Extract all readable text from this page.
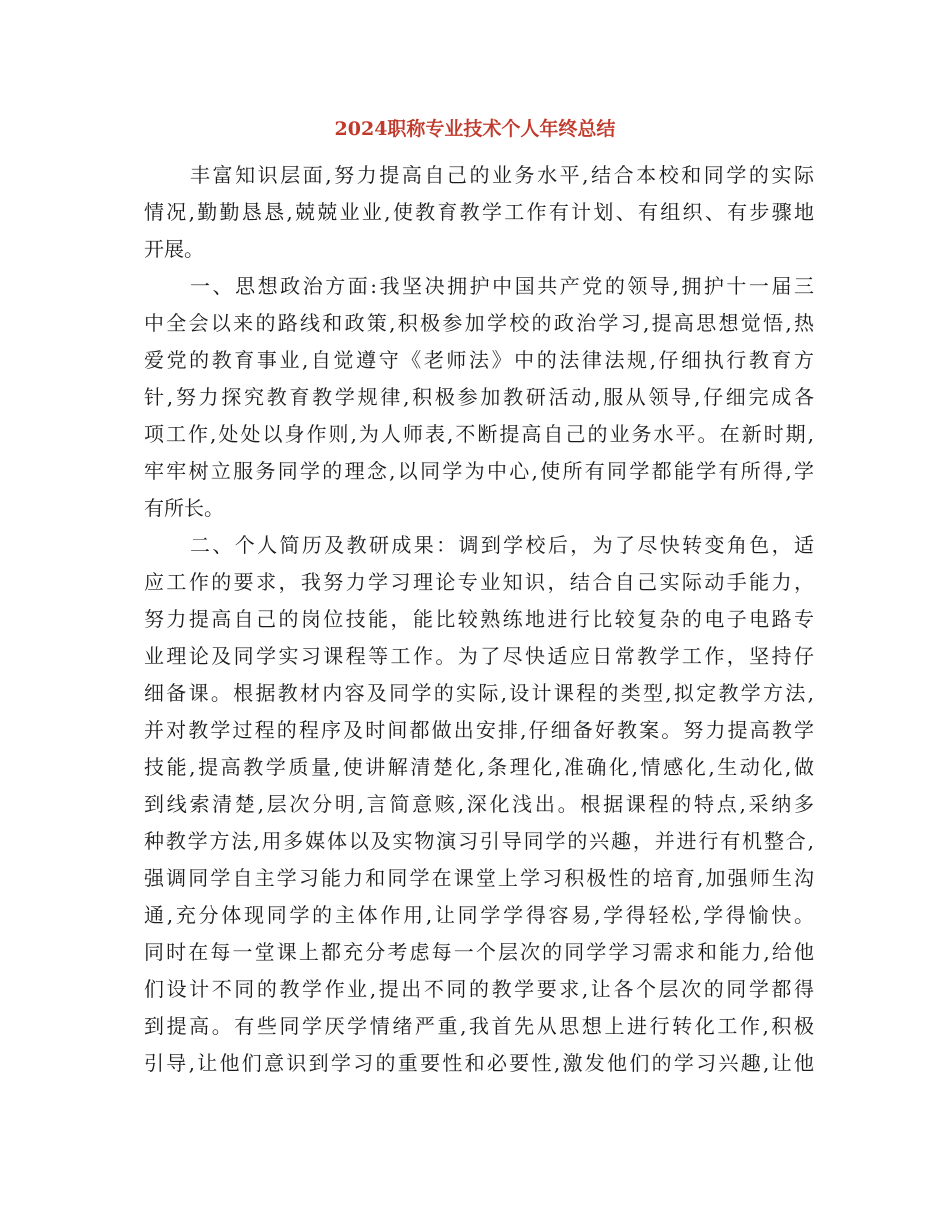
2024职称专业技术个人年终总结
丰富知识层面,努力提高自己的业务水平,结合本校和同学的实际
情况,勤勤恳恳,兢兢业业,使教育教学工作有计划、有组织、有步骤地
开展。
一、思想政治方面:我坚决拥护中国共产党的领导,拥护十一届三
中全会以来的路线和政策,积极参加学校的政治学习,提高思想觉悟,热
爱党的教育事业,自觉遵守《老师法》中的法律法规,仔细执行教育方
针,努力探究教育教学规律,积极参加教研活动,服从领导,仔细完成各
项工作,处处以身作则,为人师表,不断提高自己的业务水平。在新时期,
牢牢树立服务同学的理念,以同学为中心,使所有同学都能学有所得,学
有所长。
二、个人简历及教研成果：调到学校后，为了尽快转变角色，适
应工作的要求，我努力学习理论专业知识，结合自己实际动手能力，
努力提高自己的岗位技能，能比较熟练地进行比较复杂的电子电路专
业理论及同学实习课程等工作。为了尽快适应日常教学工作，坚持仔
细备课。根据教材内容及同学的实际,设计课程的类型,拟定教学方法,
并对教学过程的程序及时间都做出安排,仔细备好教案。努力提高教学
技能,提高教学质量,使讲解清楚化,条理化,准确化,情感化,生动化,做
到线索清楚,层次分明,言简意赅,深化浅出。根据课程的特点,采纳多
种教学方法,用多媒体以及实物演习引导同学的兴趣，并进行有机整合,
强调同学自主学习能力和同学在课堂上学习积极性的培育,加强师生沟
通,充分体现同学的主体作用,让同学学得容易,学得轻松,学得愉快。
同时在每一堂课上都充分考虑每一个层次的同学学习需求和能力,给他
们设计不同的教学作业,提出不同的教学要求,让各个层次的同学都得
到提高。有些同学厌学情绪严重,我首先从思想上进行转化工作,积极
引导,让他们意识到学习的重要性和必要性,激发他们的学习兴趣,让他
